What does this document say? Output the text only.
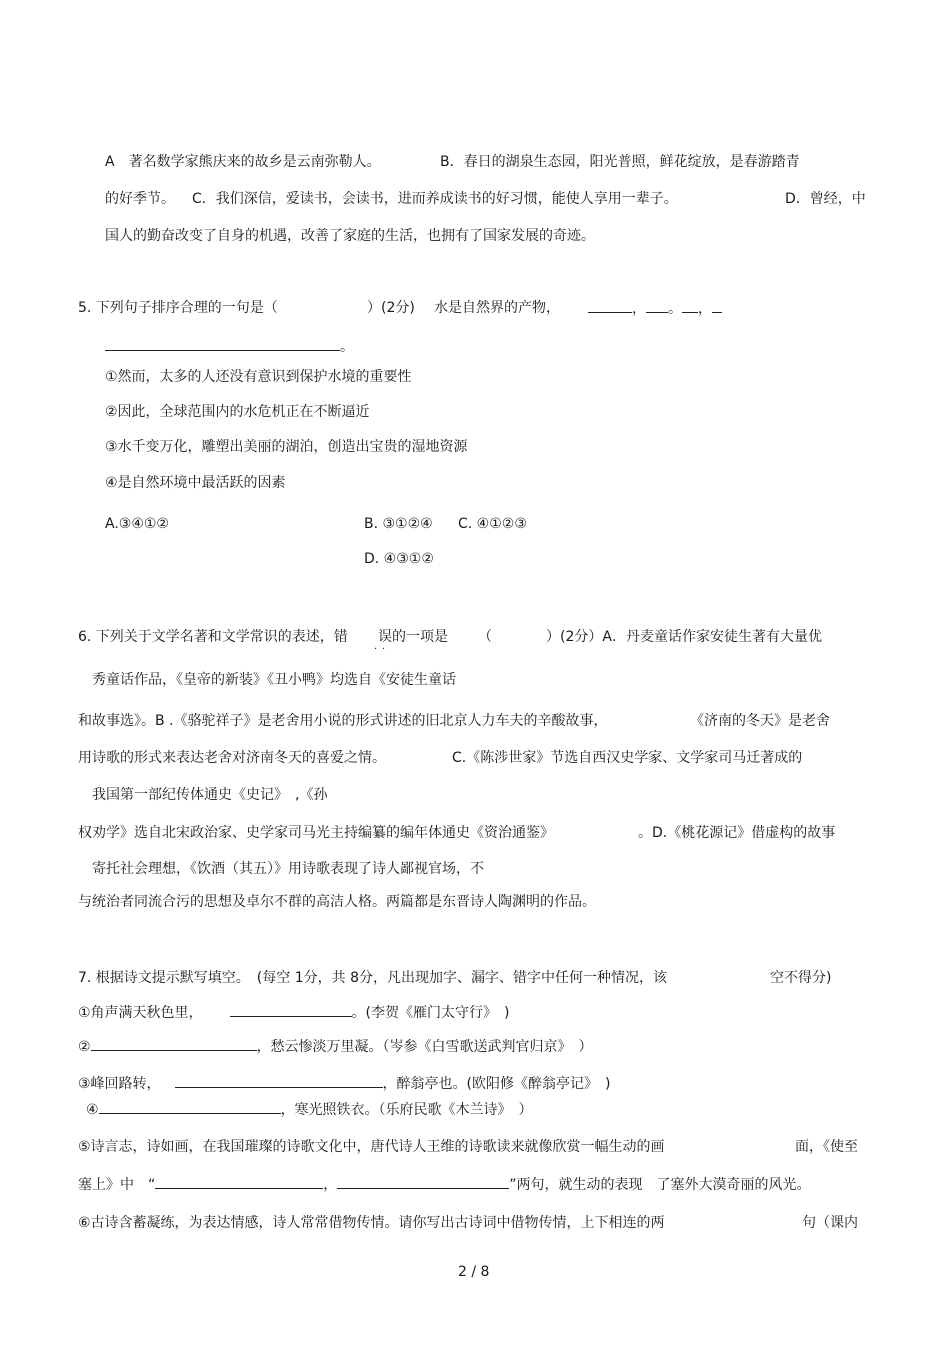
A　著名数学家熊庆来的故乡是云南弥勒人。	B．春日的湖泉生态园，阳光普照，鲜花绽放，是春游踏青
的好季节。 C．我们深信，爱读书，会读书，进而养成读书的好习惯，能使人享用一辈子。	D．曾经，中
国人的勤奋改变了自身的机遇，改善了家庭的生活，也拥有了国家发展的奇迹。
5. 下列句子排序合理的一句是（	）(2分) 水是自然界的产物，	， 。 ，
。
①然而，太多的人还没有意识到保护水境的重要性
②因此，全球范围内的水危机正在不断逼近
③水千变万化，雕塑出美丽的湖泊，创造出宝贵的湿地资源
④是自然环境中最活跃的因素
A.③④①②	B. ③①②④ C. ④①②③
D. ④③①②
6. 下列关于文学名著和文学常识的表述，错 误
· ·
的一项是 （	）(2分）A．丹麦童话作家安徒生著有大量优
秀童话作品，《皇帝的新装》《丑小鸭》均选自《安徒生童话
和故事选》。B .《骆驼祥子》是老舍用小说的形式讲述的旧北京人力车夫的辛酸故事，	《济南的冬天》是老舍
用诗歌的形式来表达老舍对济南冬天的喜爱之情。	C.《陈涉世家》节选自西汉史学家、文学家司马迁著成的
我国第一部纪传体通史《史记》　,《孙
权劝学》选自北宋政治家、史学家司马光主持编纂的编年体通史《资治通鉴》	。D.《桃花源记》借虚构的故事
寄托社会理想，《饮酒（其五）》用诗歌表现了诗人鄙视官场，不
与统治者同流合污的思想及卓尔不群的高洁人格。两篇都是东晋诗人陶渊明的作品。
7. 根据诗文提示默写填空。　(每空 1分，共 8分，凡出现加字、漏字、错字中任何一种情况，该	空不得分)
①角声满天秋色里，	。(李贺《雁门太守行》　)
②	，愁云惨淡万里凝。（岑参《白雪歌送武判官归京》　）
③峰回路转，	，醉翁亭也。(欧阳修《醉翁亭记》　)
④	，寒光照铁衣。（乐府民歌《木兰诗》　）
⑤诗言志，诗如画，在我国璀璨的诗歌文化中，唐代诗人王维的诗歌读来就像欣赏一幅生动的画	面，《使至
塞上》中　“	，	”两句，就生动的表现　了塞外大漠奇丽的风光。
⑥古诗含蓄凝练，为表达情感，诗人常常借物传情。请你写出古诗词中借物传情，上下相连的两	句（课内
2 / 8
